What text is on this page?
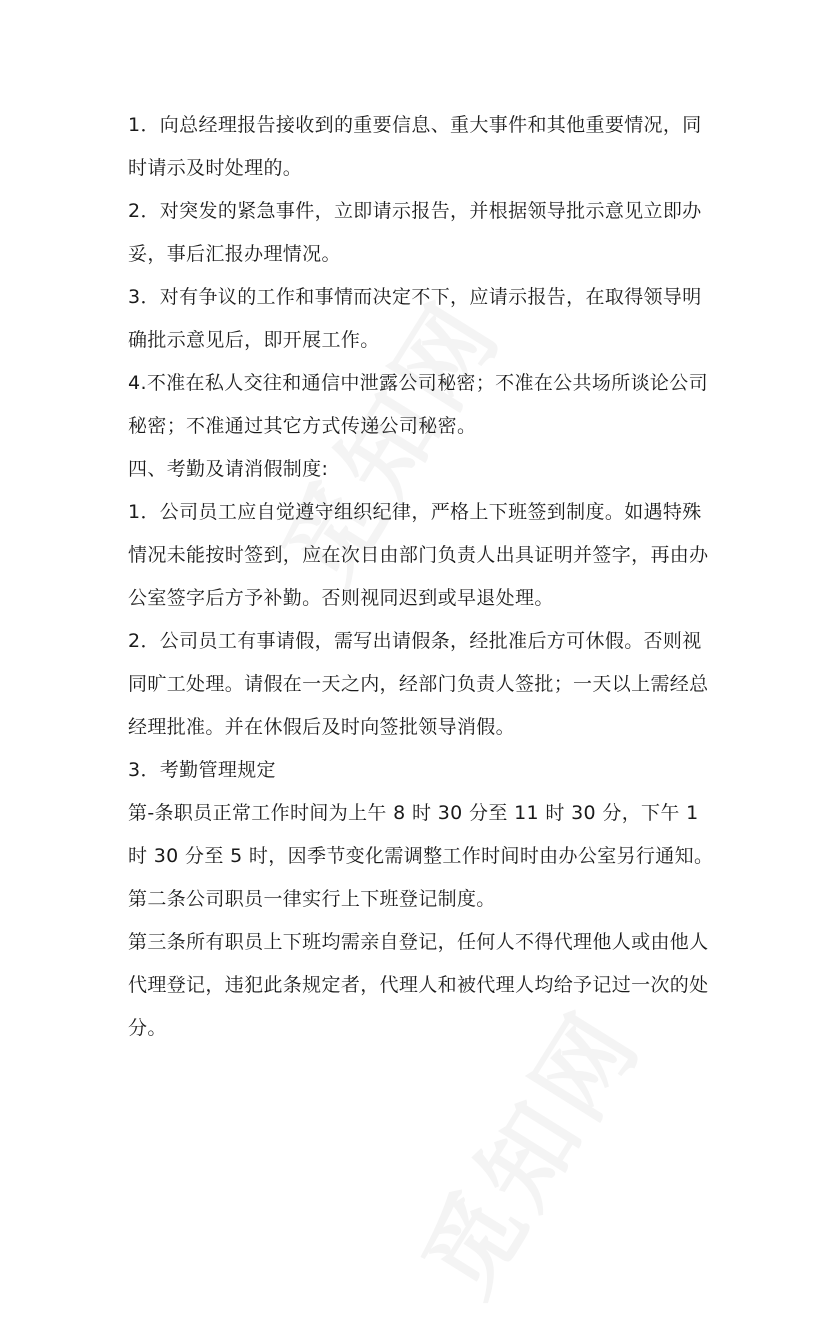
1．向总经理报告接收到的重要信息、重大事件和其他重要情况，同时请示及时处理的。

2．对突发的紧急事件，立即请示报告，并根据领导批示意见立即办妥，事后汇报办理情况。

3．对有争议的工作和事情而决定不下，应请示报告，在取得领导明确批示意见后，即开展工作。

4.不准在私人交往和通信中泄露公司秘密；不准在公共场所谈论公司秘密；不准通过其它方式传递公司秘密。

四、考勤及请消假制度:

1．公司员工应自觉遵守组织纪律，严格上下班签到制度。如遇特殊情况未能按时签到，应在次日由部门负责人出具证明并签字，再由办公室签字后方予补勤。否则视同迟到或早退处理。

2．公司员工有事请假，需写出请假条，经批准后方可休假。否则视同旷工处理。请假在一天之内，经部门负责人签批；一天以上需经总经理批准。并在休假后及时向签批领导消假。

3．考勤管理规定

第-条职员正常工作时间为上午 8 时 30 分至 11 时 30 分，下午 1 时 30 分至 5 时，因季节变化需调整工作时间时由办公室另行通知。

第二条公司职员一律实行上下班登记制度。

第三条所有职员上下班均需亲自登记，任何人不得代理他人或由他人代理登记，违犯此条规定者，代理人和被代理人均给予记过一次的处分。
